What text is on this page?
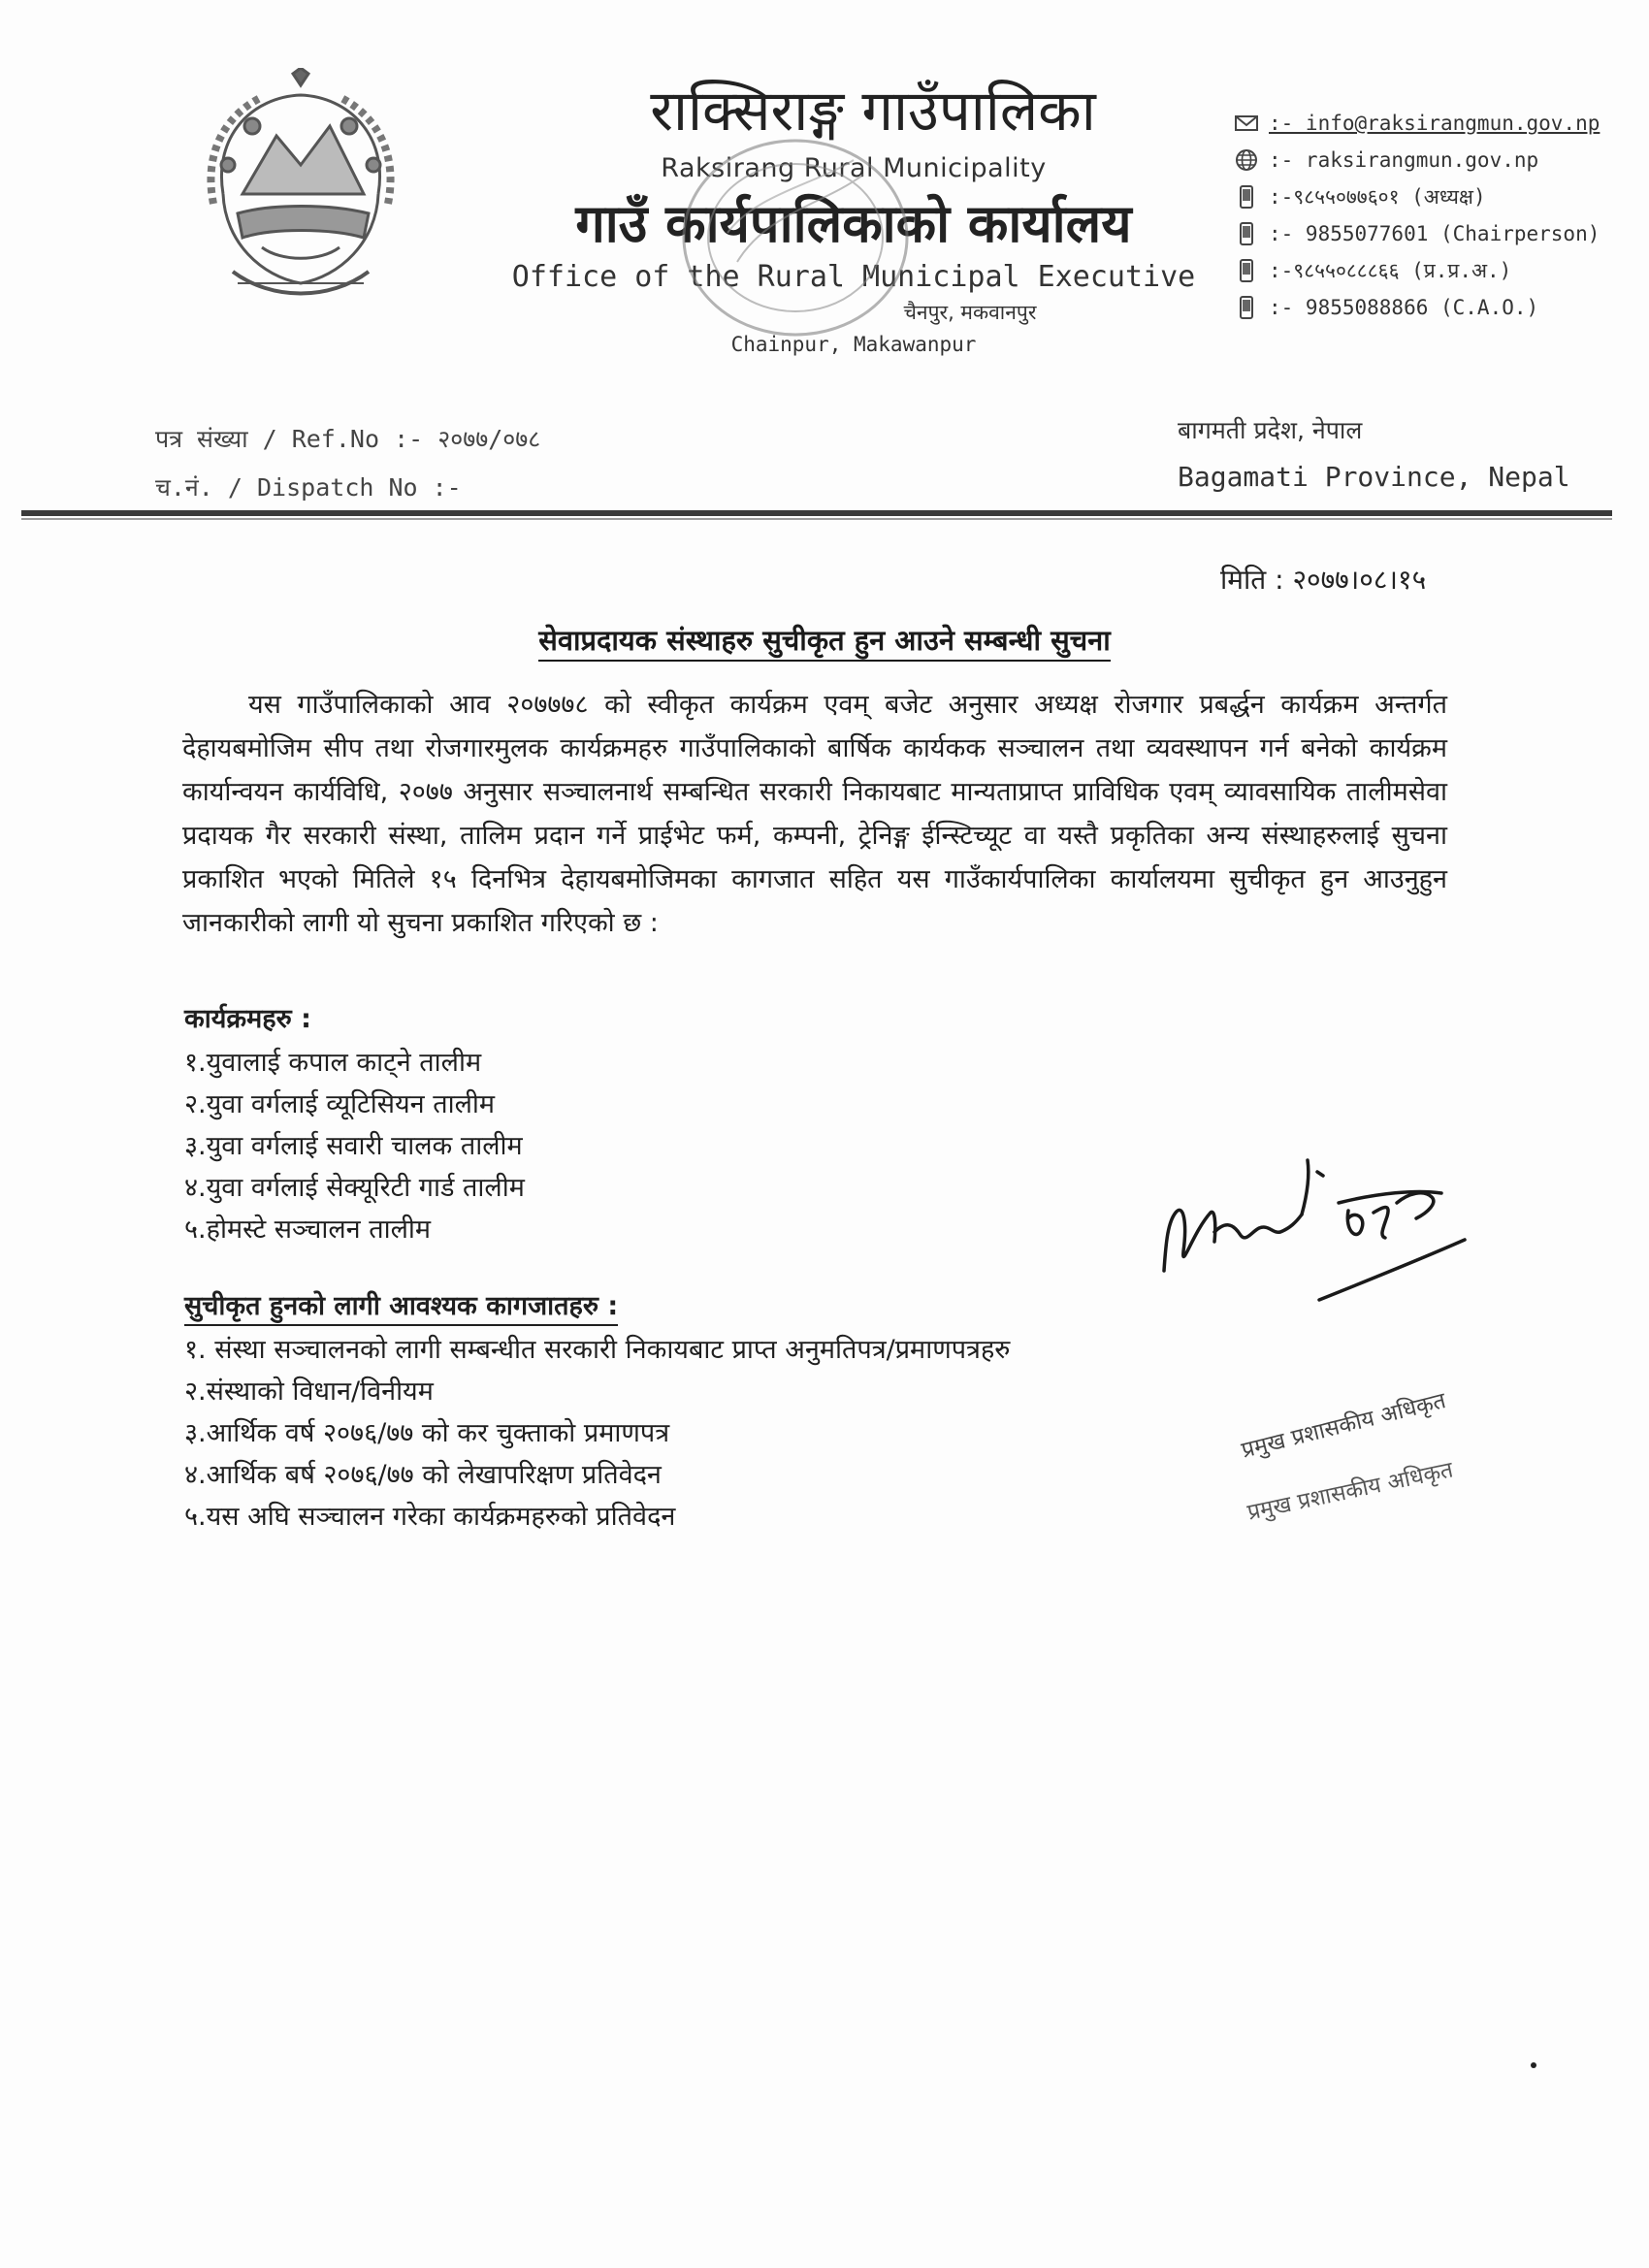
राक्सिराङ्ग गाउँपालिका
Raksirang Rural Municipality
गाउँ कार्यपालिकाको कार्यालय
Office of the Rural Municipal Executive
चैनपुर, मकवानपुर
Chainpur, Makawanpur
:- info@raksirangmun.gov.np
:- raksirangmun.gov.np
:-९८५५०७७६०१ (अध्यक्ष)
:- 9855077601 (Chairperson)
:-९८५५०८८८६६ (प्र.प्र.अ.)
:- 9855088866 (C.A.O.)
पत्र संख्या / Ref.No :- २०७७/०७८
च.नं. / Dispatch No :-
बागमती प्रदेश, नेपाल
Bagamati Province, Nepal
मिति : २०७७।०८।१५
सेवाप्रदायक संस्थाहरु सुचीकृत हुन आउने सम्बन्धी सुचना
यस गाउँपालिकाको आव २०७७७८ को स्वीकृत कार्यक्रम एवम् बजेट अनुसार अध्यक्ष रोजगार प्रबर्द्धन कार्यक्रम अन्तर्गत देहायबमोजिम सीप तथा रोजगारमुलक कार्यक्रमहरु गाउँपालिकाको बार्षिक कार्यकक सञ्चालन तथा व्यवस्थापन गर्न बनेको कार्यक्रम कार्यान्वयन कार्यविधि, २०७७ अनुसार सञ्चालनार्थ सम्बन्धित सरकारी निकायबाट मान्यताप्राप्त प्राविधिक एवम् व्यावसायिक तालीमसेवा प्रदायक गैर सरकारी संस्था, तालिम प्रदान गर्ने प्राईभेट फर्म, कम्पनी, ट्रेनिङ्ग ईन्स्टिच्यूट वा यस्तै प्रकृतिका अन्य संस्थाहरुलाई सुचना प्रकाशित भएको मितिले १५ दिनभित्र देहायबमोजिमका कागजात सहित यस गाउँकार्यपालिका कार्यालयमा सुचीकृत हुन आउनुहुन जानकारीको लागी यो सुचना प्रकाशित गरिएको छ :
कार्यक्रमहरु :
१.युवालाई कपाल काट्ने तालीम
२.युवा वर्गलाई व्यूटिसियन तालीम
३.युवा वर्गलाई सवारी चालक तालीम
४.युवा वर्गलाई सेक्यूरिटी गार्ड तालीम
५.होमस्टे सञ्चालन तालीम
सुचीकृत हुनको लागी आवश्यक कागजातहरु :
१. संस्था सञ्चालनको लागी सम्बन्धीत सरकारी निकायबाट प्राप्त अनुमतिपत्र/प्रमाणपत्रहरु
२.संस्थाको विधान/विनीयम
३.आर्थिक वर्ष २०७६/७७ को कर चुक्ताको प्रमाणपत्र
४.आर्थिक बर्ष २०७६/७७ को लेखापरिक्षण प्रतिवेदन
५.यस अघि सञ्चालन गरेका कार्यक्रमहरुको प्रतिवेदन
प्रमुख प्रशासकीय अधिकृत
प्रमुख प्रशासकीय अधिकृत
